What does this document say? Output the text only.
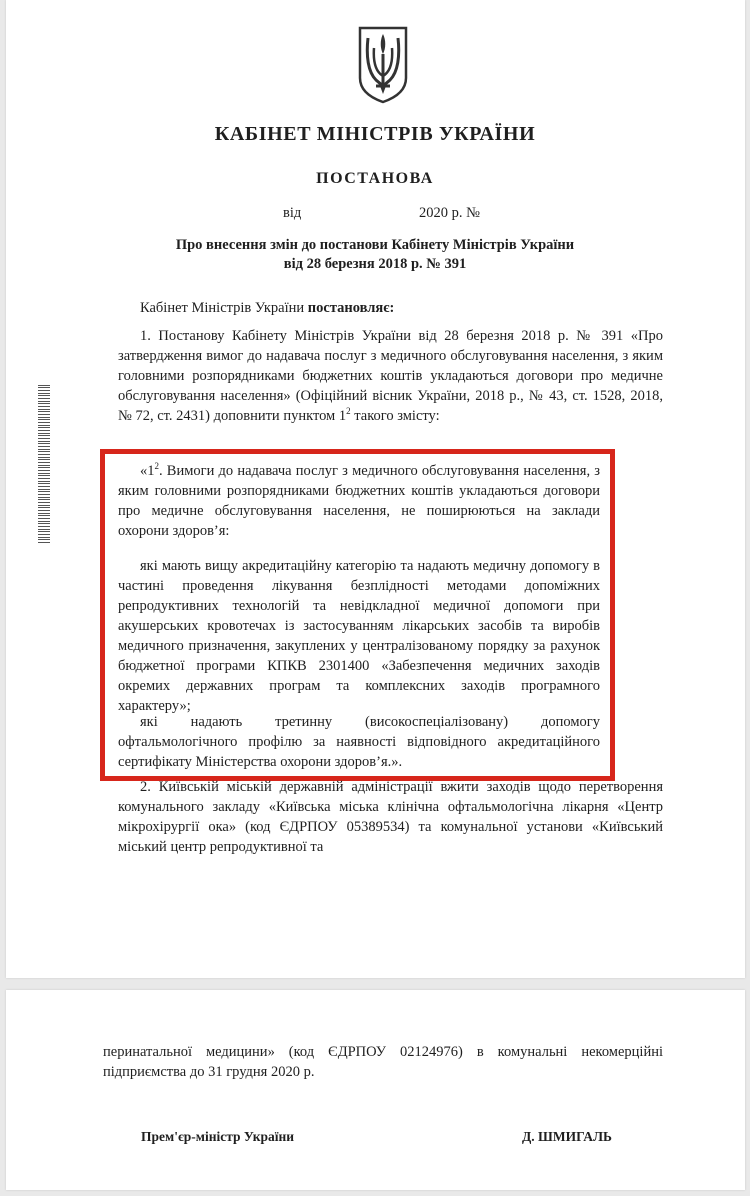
КАБІНЕТ МІНІСТРІВ УКРАЇНИ
ПОСТАНОВА
від	2020 р. №
Про внесення змін до постанови Кабінету Міністрів України
від 28 березня 2018 р. № 391
Кабінет Міністрів України постановляє:
1. Постанову Кабінету Міністрів України від 28 березня 2018 р. № 391 «Про затвердження вимог до надавача послуг з медичного обслуговування населення, з яким головними розпорядниками бюджетних коштів укладаються договори про медичне обслуговування населення» (Офіційний вісник України, 2018 р., № 43, ст. 1528, 2018, № 72, ст. 2431) доповнити пунктом $1^2$ такого змісту:
«$1^2$. Вимоги до надавача послуг з медичного обслуговування населення, з яким головними розпорядниками бюджетних коштів укладаються договори про медичне обслуговування населення, не поширюються на заклади охорони здоров’я:
які мають вищу акредитаційну категорію та надають медичну допомогу в частині проведення лікування безплідності методами допоміжних репродуктивних технологій та невідкладної медичної допомоги при акушерських кровотечах із застосуванням лікарських засобів та виробів медичного призначення, закуплених у централізованому порядку за рахунок бюджетної програми КПКВ 2301400 «Забезпечення медичних заходів окремих державних програм та комплексних заходів програмного характеру»;
які надають третинну (високоспеціалізовану) допомогу офтальмологічного профілю за наявності відповідного акредитаційного сертифікату Міністерства охорони здоров’я.».
2. Київській міській державній адміністрації вжити заходів щодо перетворення комунального закладу «Київська міська клінічна офтальмологічна лікарня «Центр мікрохірургії ока» (код ЄДРПОУ 05389534) та комунальної установи «Київський міський центр репродуктивної та
перинатальної медицини» (код ЄДРПОУ 02124976) в комунальні некомерційні підприємства до 31 грудня 2020 р.
Прем'єр-міністр України	Д. ШМИГАЛЬ
